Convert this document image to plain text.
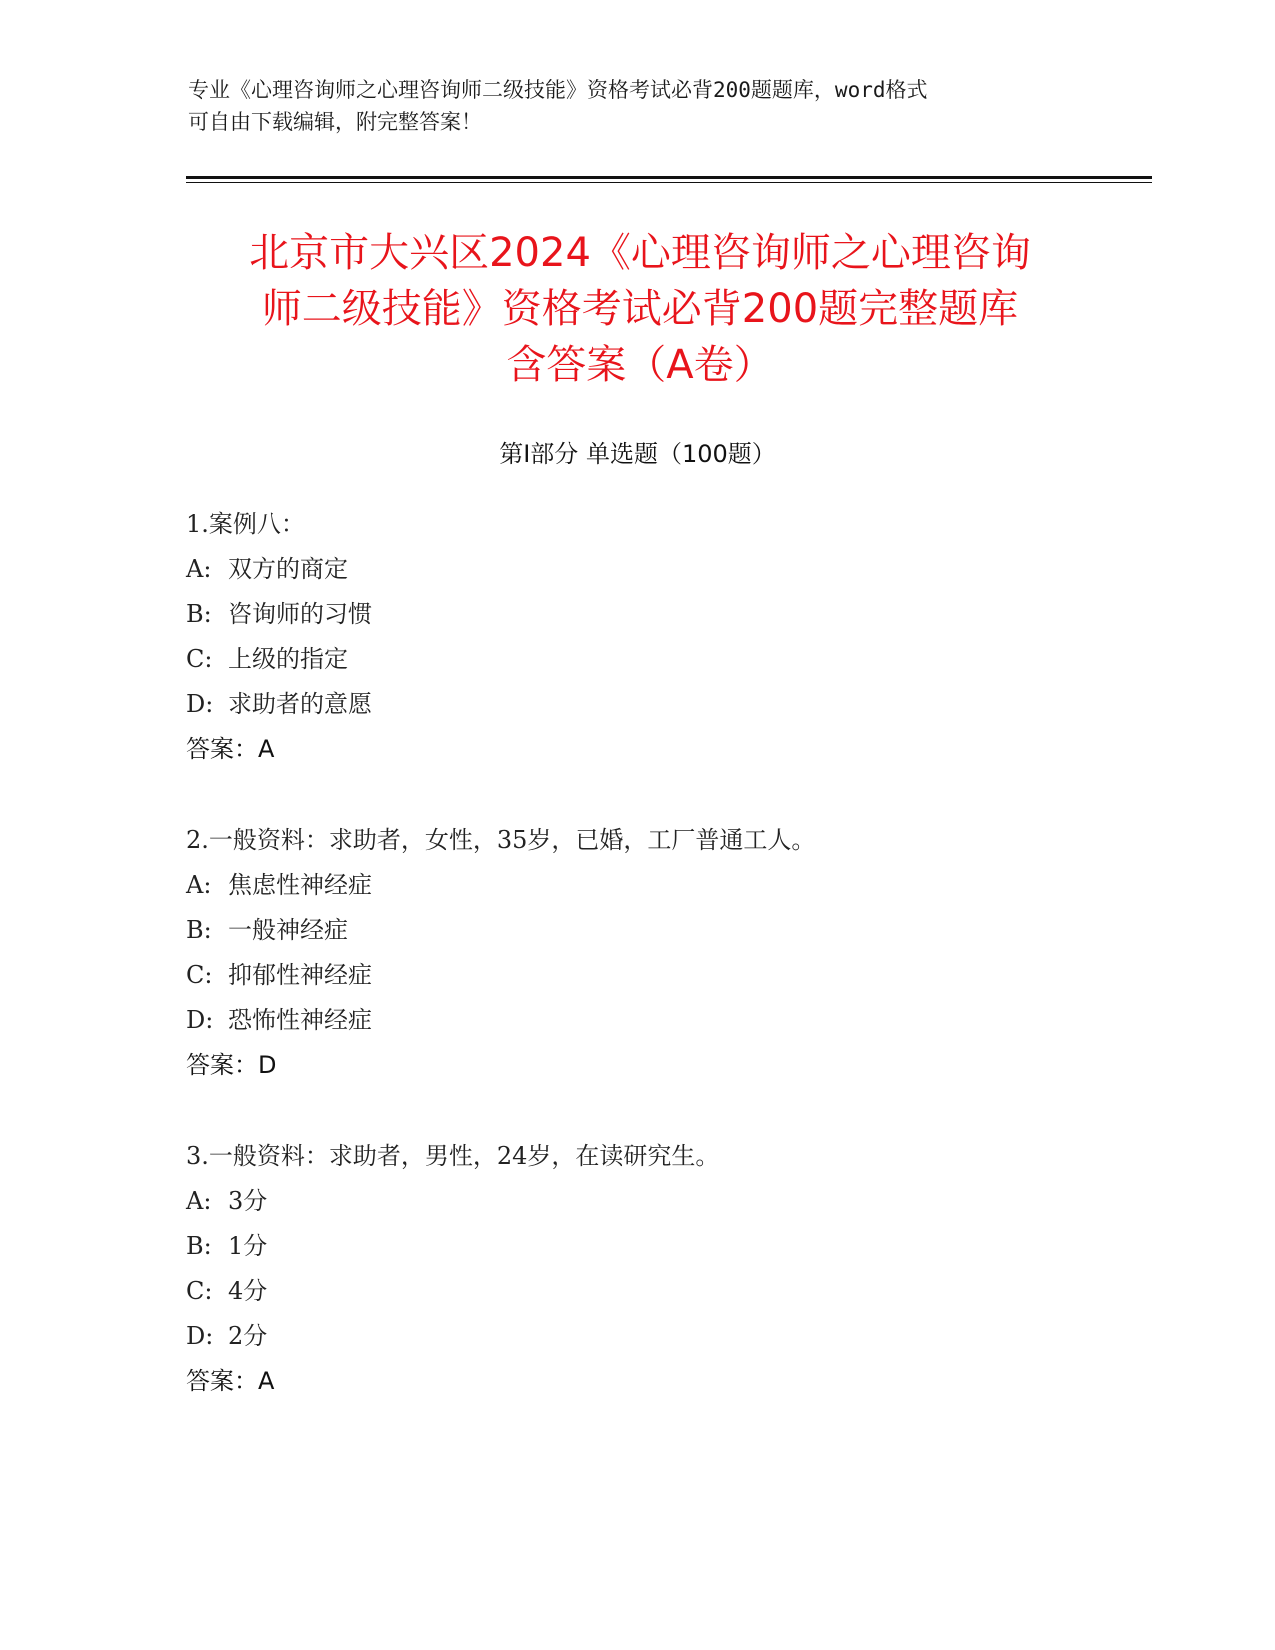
专业《心理咨询师之心理咨询师二级技能》资格考试必背200题题库，word格式
可自由下载编辑，附完整答案！
北京市大兴区2024《心理咨询师之心理咨询
师二级技能》资格考试必背200题完整题库
含答案（A卷）
第Ⅰ部分 单选题（100题）
1.案例八：
A: 双方的商定
B: 咨询师的习惯
C: 上级的指定
D: 求助者的意愿
答案：A
2.一般资料：求助者，女性，35岁，已婚，工厂普通工人。
A: 焦虑性神经症
B: 一般神经症
C: 抑郁性神经症
D: 恐怖性神经症
答案：D
3.一般资料：求助者，男性，24岁，在读研究生。
A: 3分
B: 1分
C: 4分
D: 2分
答案：A
